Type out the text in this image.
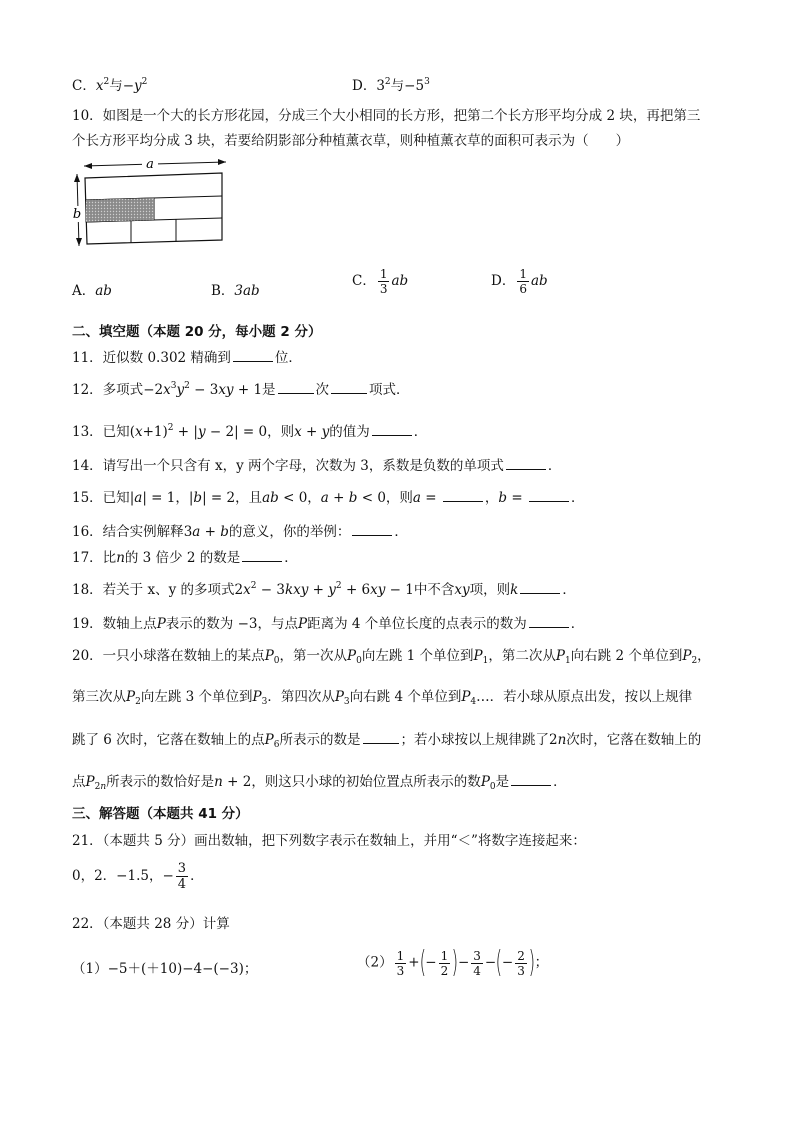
C．$x^2$与$-y^2$	D．$3^2$与$-5^3$
10．如图是一个大的长方形花园，分成三个大小相同的长方形，把第二个长方形平均分成 2 块，再把第三
个长方形平均分成 3 块，若要给阴影部分种植薰衣草，则种植薰衣草的面积可表示为（　　）
a
b
A．ab	B．3ab
C． $\frac{1}{3}$ ab	D． $\frac{1}{6}$ ab
二、填空题（本题 20 分，每小题 2 分）
11．近似数 0.302 精确到	位．
12．多项式$-2x^3y^2 - 3xy + 1$是	次	项式．
13．已知$(x+1)^2 + |y - 2| = 0$，则x + y的值为	．
14．请写出一个只含有 x，y 两个字母，次数为 3，系数是负数的单项式	．
15．已知|a| = 1，|b| = 2，且ab < 0，a + b < 0，则a =	，b =	．
16．结合实例解释3a + b的意义，你的举例：	．
17．比n的 3 倍少 2 的数是	．
18．若关于 x、y 的多项式$2x^2 - 3kxy + y^2 + 6xy - 1$中不含xy项，则k	．
19．数轴上点P表示的数为 −3，与点P距离为 4 个单位长度的点表示的数为	．
20．一只小球落在数轴上的某点$P_0$，第一次从$P_0$向左跳 1 个单位到$P_1$，第二次从$P_1$向右跳 2 个单位到$P_2$，
第三次从$P_2$向左跳 3 个单位到$P_3$．第四次从$P_3$向右跳 4 个单位到$P_4\dots$．若小球从原点出发，按以上规律
跳了 6 次时，它落在数轴上的点$P_6$所表示的数是	；若小球按以上规律跳了2n次时，它落在数轴上的
点$P_{2n}$所表示的数恰好是n + 2，则这只小球的初始位置点所表示的数$P_0$是	．
三、解答题（本题共 41 分）
21．（本题共 5 分）画出数轴，把下列数字表示在数轴上，并用“＜”将数字连接起来：
0，2．−1.5，− $\frac{3}{4}$ ．
22．（本题共 28 分）计算
（1）−5＋(＋10)−4−(−3)；	$(2) \frac{1}{3}$ +(− $\frac{1}{2}$ )− $\frac{3}{4}$ −(− $\frac{2}{3}$ )；
